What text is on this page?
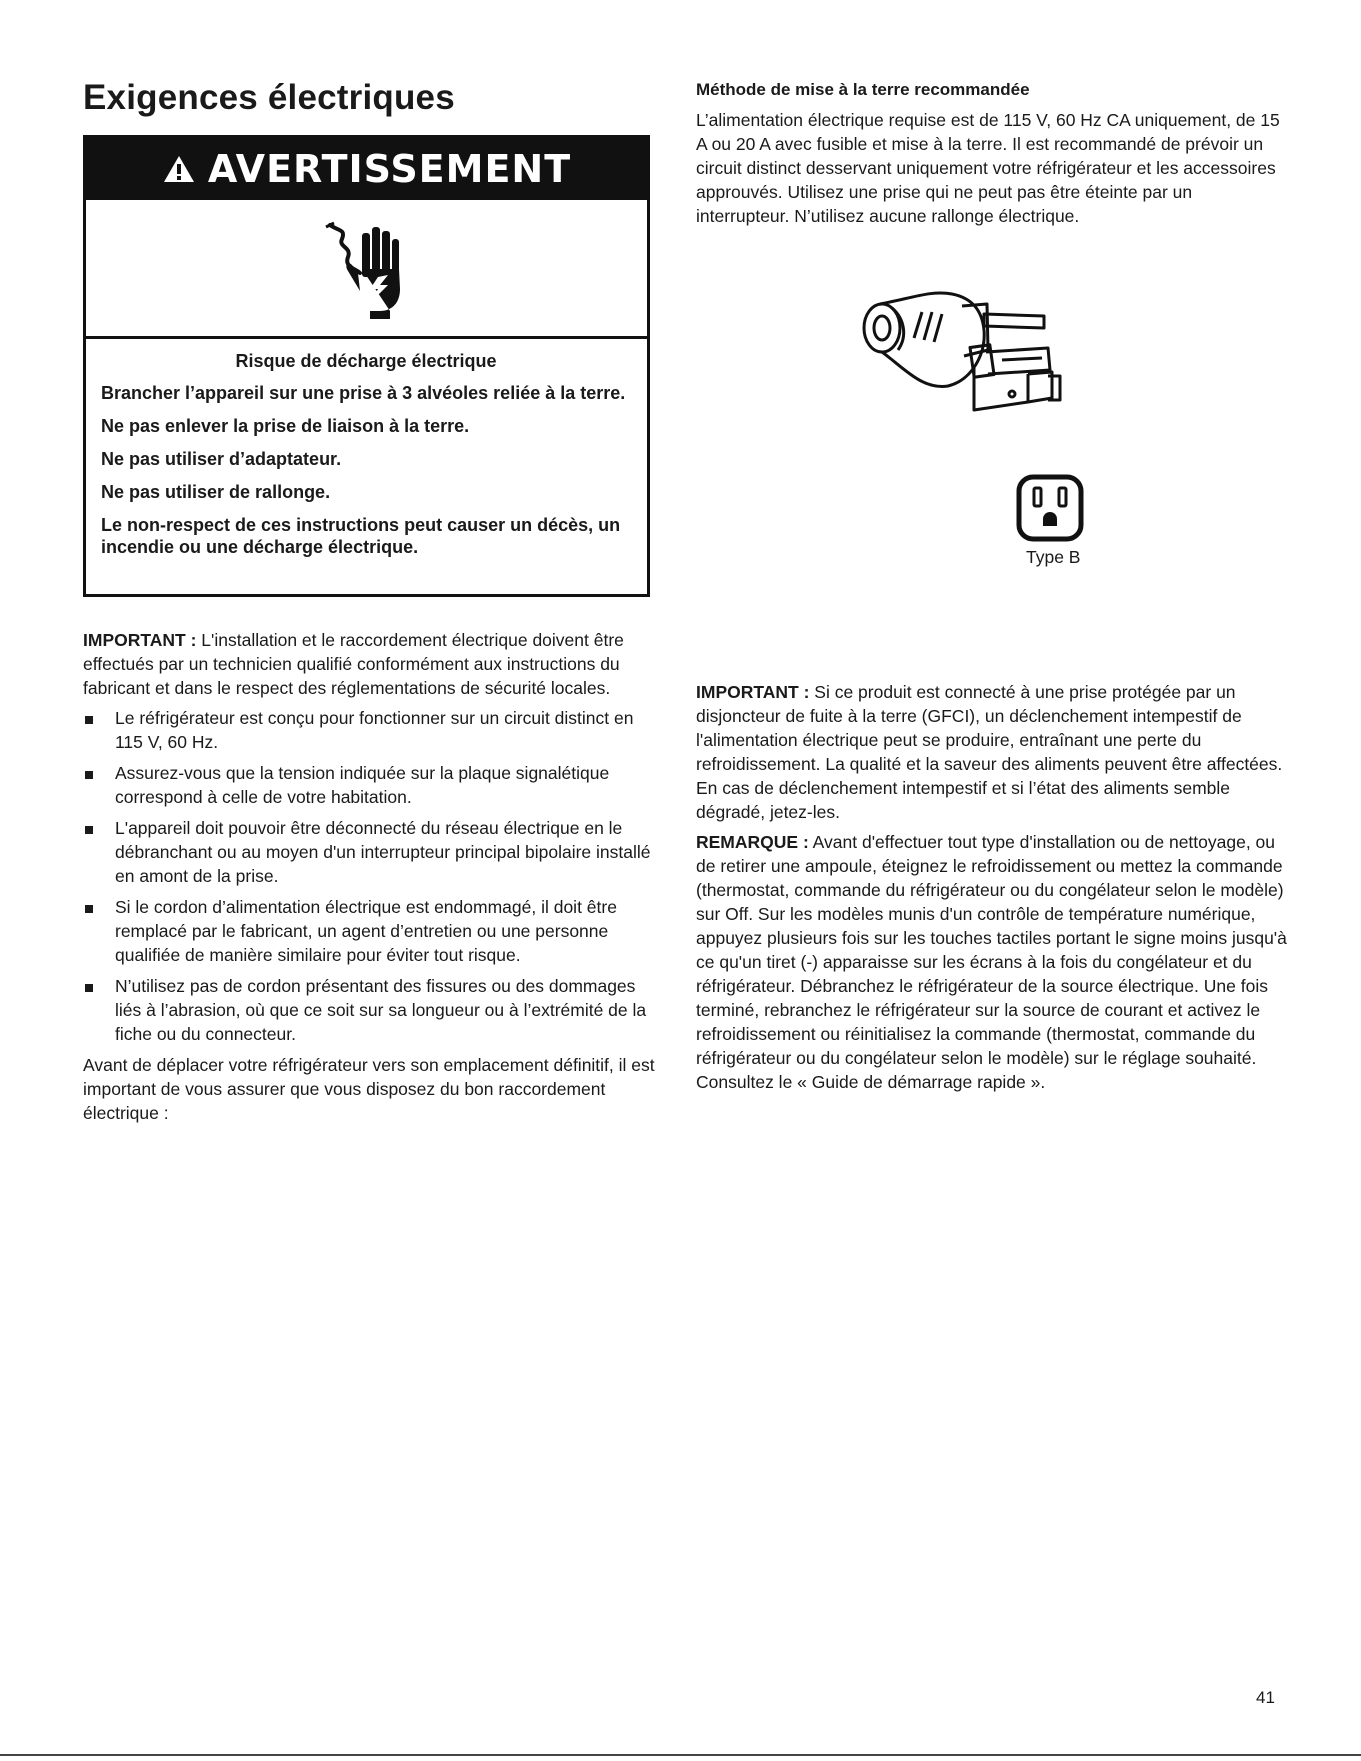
Exigences électriques
AVERTISSEMENT

Risque de décharge électrique

Brancher l’appareil sur une prise à 3 alvéoles reliée à la terre.

Ne pas enlever la prise de liaison à la terre.

Ne pas utiliser d’adaptateur.

Ne pas utiliser de rallonge.

Le non-respect de ces instructions peut causer un décès, un incendie ou une décharge électrique.

IMPORTANT : L'installation et le raccordement électrique doivent être effectués par un technicien qualifié conformément aux instructions du fabricant et dans le respect des réglementations de sécurité locales.

Le réfrigérateur est conçu pour fonctionner sur un circuit distinct en 115 V, 60 Hz.
Assurez-vous que la tension indiquée sur la plaque signalétique correspond à celle de votre habitation.
L'appareil doit pouvoir être déconnecté du réseau électrique en le débranchant ou au moyen d'un interrupteur principal bipolaire installé en amont de la prise.
Si le cordon d’alimentation électrique est endommagé, il doit être remplacé par le fabricant, un agent d’entretien ou une personne qualifiée de manière similaire pour éviter tout risque.
N’utilisez pas de cordon présentant des fissures ou des dommages liés à l’abrasion, où que ce soit sur sa longueur ou à l’extrémité de la fiche ou du connecteur.

Avant de déplacer votre réfrigérateur vers son emplacement définitif, il est important de vous assurer que vous disposez du bon raccordement électrique :

Méthode de mise à la terre recommandée

L’alimentation électrique requise est de 115 V, 60 Hz CA uniquement, de 15 A ou 20 A avec fusible et mise à la terre. Il est recommandé de prévoir un circuit distinct desservant uniquement votre réfrigérateur et les accessoires approuvés. Utilisez une prise qui ne peut pas être éteinte par un interrupteur. N’utilisez aucune rallonge électrique.

Type B

IMPORTANT : Si ce produit est connecté à une prise protégée par un disjoncteur de fuite à la terre (GFCI), un déclenchement intempestif de l'alimentation électrique peut se produire, entraînant une perte du refroidissement. La qualité et la saveur des aliments peuvent être affectées. En cas de déclenchement intempestif et si l’état des aliments semble dégradé, jetez-les.

REMARQUE : Avant d'effectuer tout type d'installation ou de nettoyage, ou de retirer une ampoule, éteignez le refroidissement ou mettez la commande (thermostat, commande du réfrigérateur ou du congélateur selon le modèle) sur Off. Sur les modèles munis d'un contrôle de température numérique, appuyez plusieurs fois sur les touches tactiles portant le signe moins jusqu'à ce qu'un tiret (-) apparaisse sur les écrans à la fois du congélateur et du réfrigérateur. Débranchez le réfrigérateur de la source électrique. Une fois terminé, rebranchez le réfrigérateur sur la source de courant et activez le refroidissement ou réinitialisez la commande (thermostat, commande du réfrigérateur ou du congélateur selon le modèle) sur le réglage souhaité. Consultez le « Guide de démarrage rapide ».

41
